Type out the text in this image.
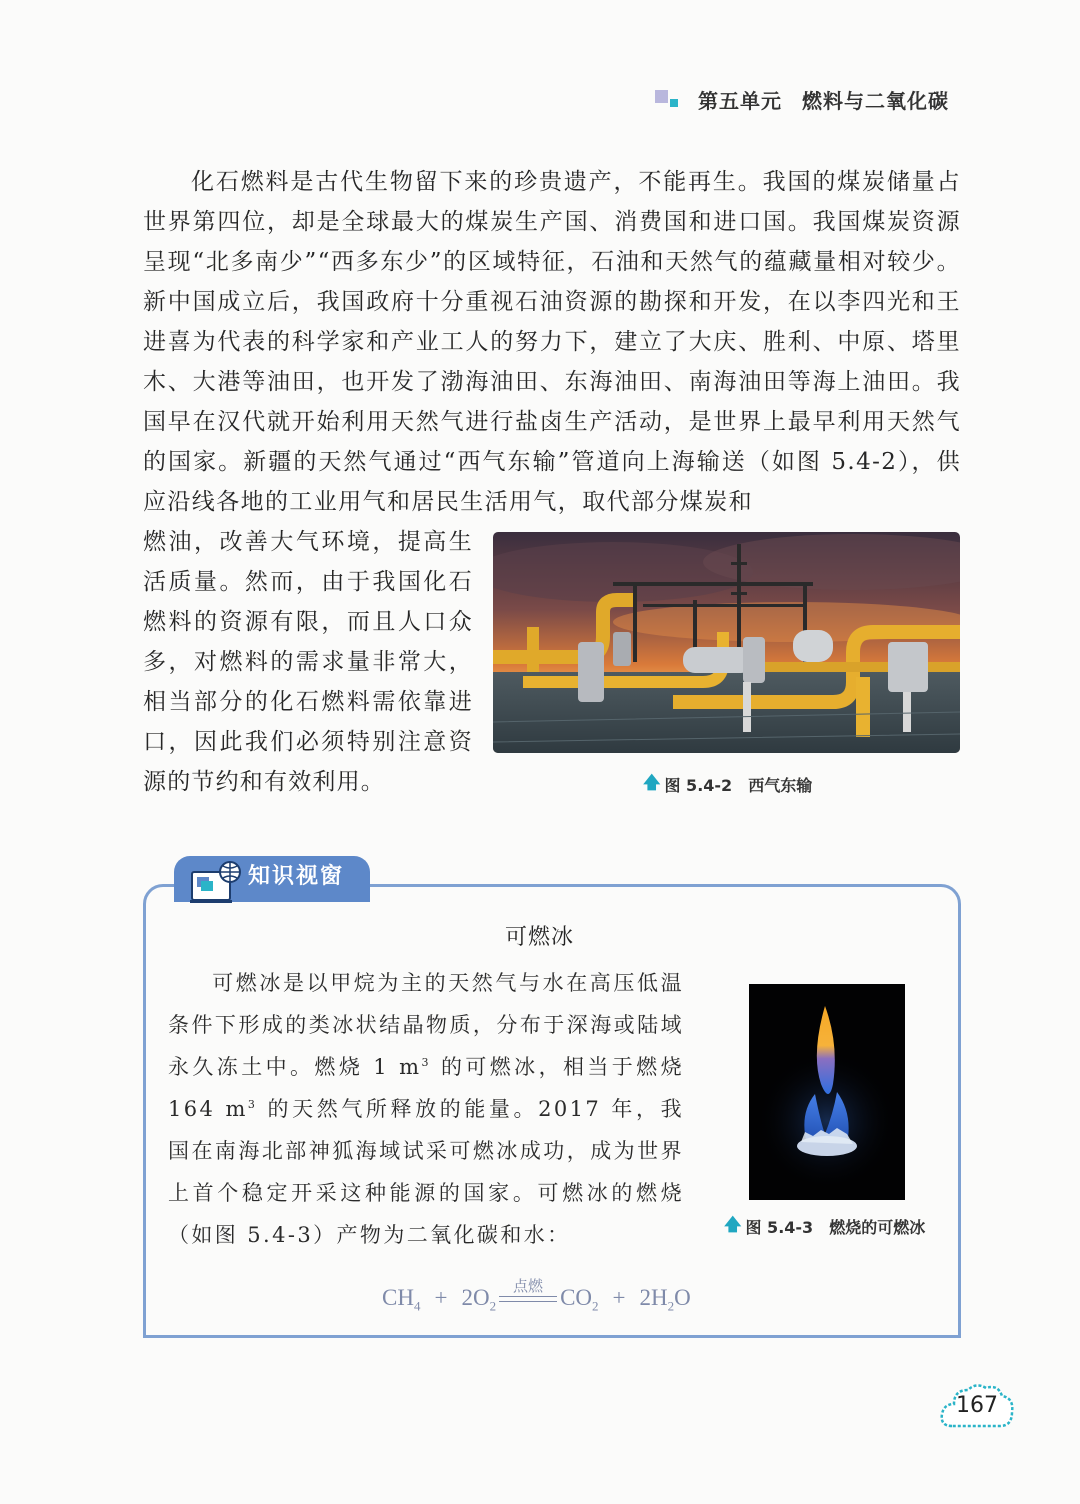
第五单元 燃料与二氧化碳
化石燃料是古代生物留下来的珍贵遗产，不能再生。我国的煤炭储量占世界第四位，却是全球最大的煤炭生产国、消费国和进口国。我国煤炭资源呈现“北多南少”“西多东少”的区域特征，石油和天然气的蕴藏量相对较少。新中国成立后，我国政府十分重视石油资源的勘探和开发，在以李四光和王进喜为代表的科学家和产业工人的努力下，建立了大庆、胜利、中原、塔里木、大港等油田，也开发了渤海油田、东海油田、南海油田等海上油田。我国早在汉代就开始利用天然气进行盐卤生产活动，是世界上最早利用天然气的国家。新疆的天然气通过“西气东输”管道向上海输送（如图 5.4-2），供应沿线各地的工业用气和居民生活用气，取代部分煤炭和
燃油，改善大气环境，提高生活质量。然而，由于我国化石燃料的资源有限，而且人口众多，对燃料的需求量非常大，相当部分的化石燃料需依靠进口，因此我们必须特别注意资源的节约和有效利用。	🡅 图 5.4-2 西气东输
知识视窗
可燃冰
可燃冰是以甲烷为主的天然气与水在高压低温条件下形成的类冰状结晶物质，分布于深海或陆域永久冻土中。燃烧 1 $m^3$ 的可燃冰，相当于燃烧 164 $m^3$ 的天然气所释放的能量。2017 年，我国在南海北部神狐海域试采可燃冰成功，成为世界上首个稳定开采这种能源的国家。可燃冰的燃烧（如图 5.4-3）产物为二氧化碳和水：	🡅 图 5.4-3 燃烧的可燃冰
$CH_4 + 2O_2$
点燃 $CO_2 + 2H_2O$
167
